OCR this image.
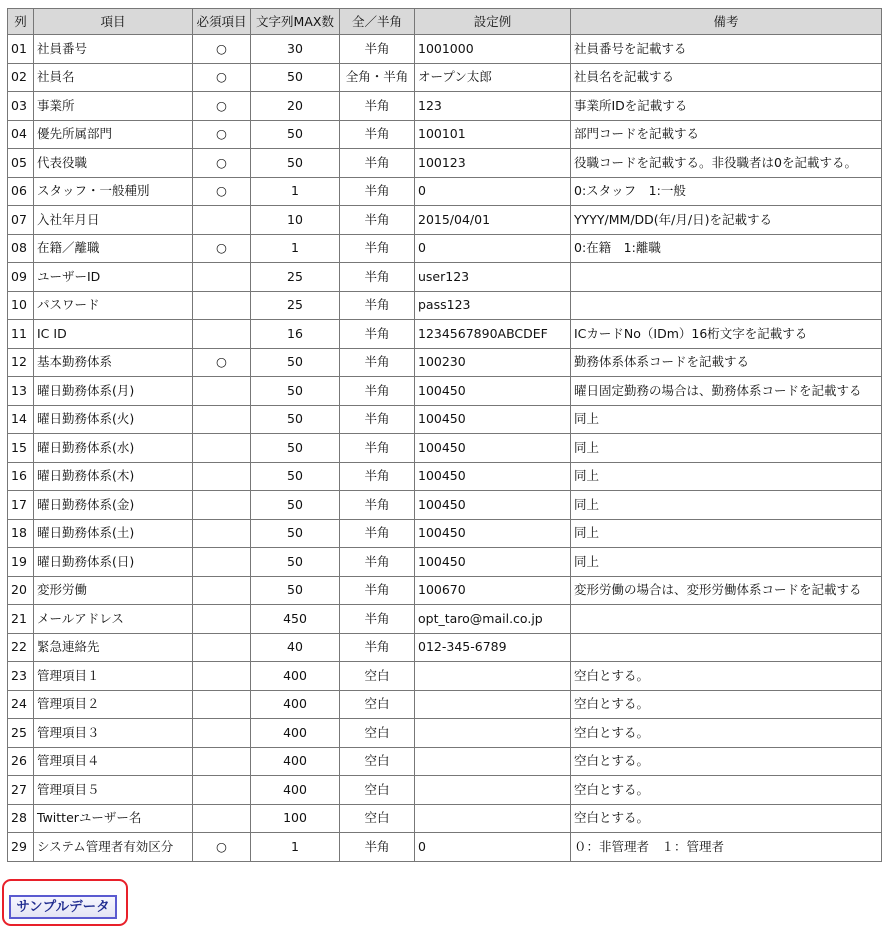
列	項目	必須項目	文字列MAX数	全／半角	設定例	備考
01	社員番号	○	30	半角	1001000	社員番号を記載する
02	社員名	○	50	全角・半角	オープン太郎	社員名を記載する
03	事業所	○	20	半角	123	事業所IDを記載する
04	優先所属部門	○	50	半角	100101	部門コードを記載する
05	代表役職	○	50	半角	100123	役職コードを記載する。非役職者は0を記載する。
06	スタッフ・一般種別	○	1	半角	0	0:スタッフ　1:一般
07	入社年月日		10	半角	2015/04/01	YYYY/MM/DD(年/月/日)を記載する
08	在籍／離職	○	1	半角	0	0:在籍　1:離職
09	ユーザーID		25	半角	user123	
10	パスワード		25	半角	pass123	
11	IC ID		16	半角	1234567890ABCDEF	ICカードNo（IDm）16桁文字を記載する
12	基本勤務体系	○	50	半角	100230	勤務体系体系コードを記載する
13	曜日勤務体系(月)		50	半角	100450	曜日固定勤務の場合は、勤務体系コードを記載する
14	曜日勤務体系(火)		50	半角	100450	同上
15	曜日勤務体系(水)		50	半角	100450	同上
16	曜日勤務体系(木)		50	半角	100450	同上
17	曜日勤務体系(金)		50	半角	100450	同上
18	曜日勤務体系(土)		50	半角	100450	同上
19	曜日勤務体系(日)		50	半角	100450	同上
20	変形労働		50	半角	100670	変形労働の場合は、変形労働体系コードを記載する
21	メールアドレス		450	半角	opt_taro@mail.co.jp	
22	緊急連絡先		40	半角	012-345-6789	
23	管理項目１		400	空白		空白とする。
24	管理項目２		400	空白		空白とする。
25	管理項目３		400	空白		空白とする。
26	管理項目４		400	空白		空白とする。
27	管理項目５		400	空白		空白とする。
28	Twitterユーザー名		100	空白		空白とする。
29	システム管理者有効区分	○	1	半角	0	０：非管理者　１：管理者
サンプルデータ
